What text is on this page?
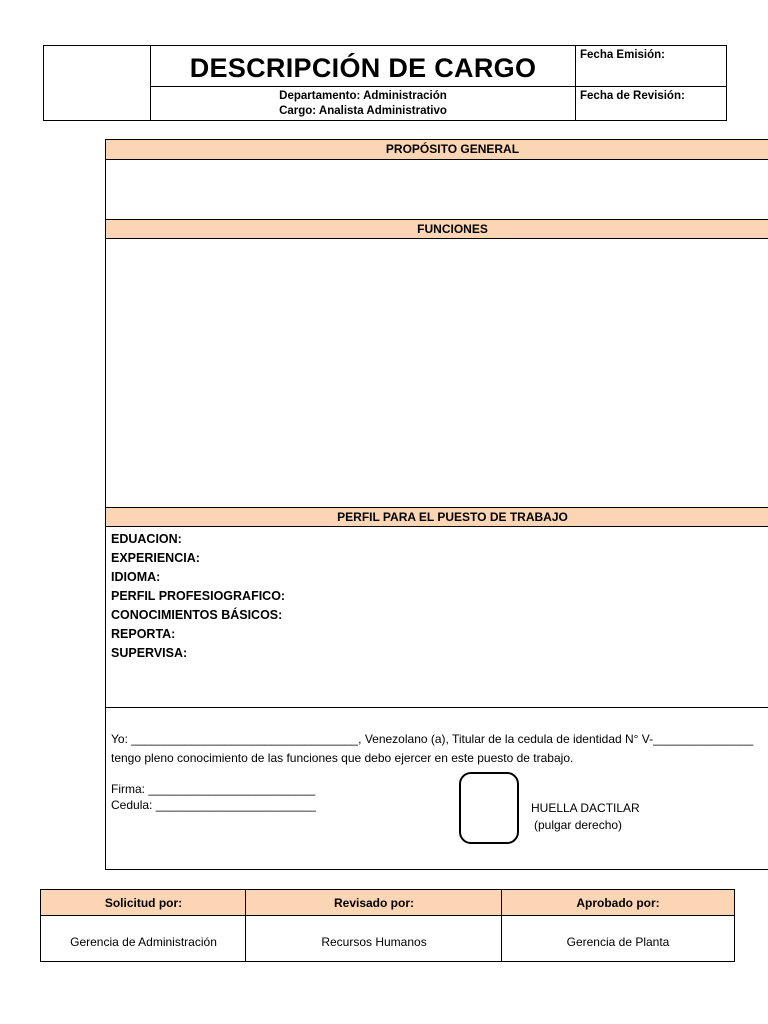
DESCRIPCIÓN DE CARGO
Departamento: Administración
Cargo: Analista Administrativo
Fecha Emisión:
Fecha de Revisión:
PROPÓSITO GENERAL
FUNCIONES
PERFIL PARA EL PUESTO DE TRABAJO
EDUACION:
EXPERIENCIA:
IDIOMA:
PERFIL PROFESIOGRAFICO:
CONOCIMIENTOS BÁSICOS:
REPORTA:
SUPERVISA:
Yo: __________________________________, Venezolano (a), Titular de la cedula de identidad N° V-_______________
tengo pleno conocimiento de las funciones que debo ejercer en este puesto de trabajo.
Firma: _________________________
Cedula: ________________________	HUELLA DACTILAR
(pulgar derecho)
Solicitud por:	Revisado por:	Aprobado por:
Gerencia de Administración	Recursos Humanos	Gerencia de Planta
